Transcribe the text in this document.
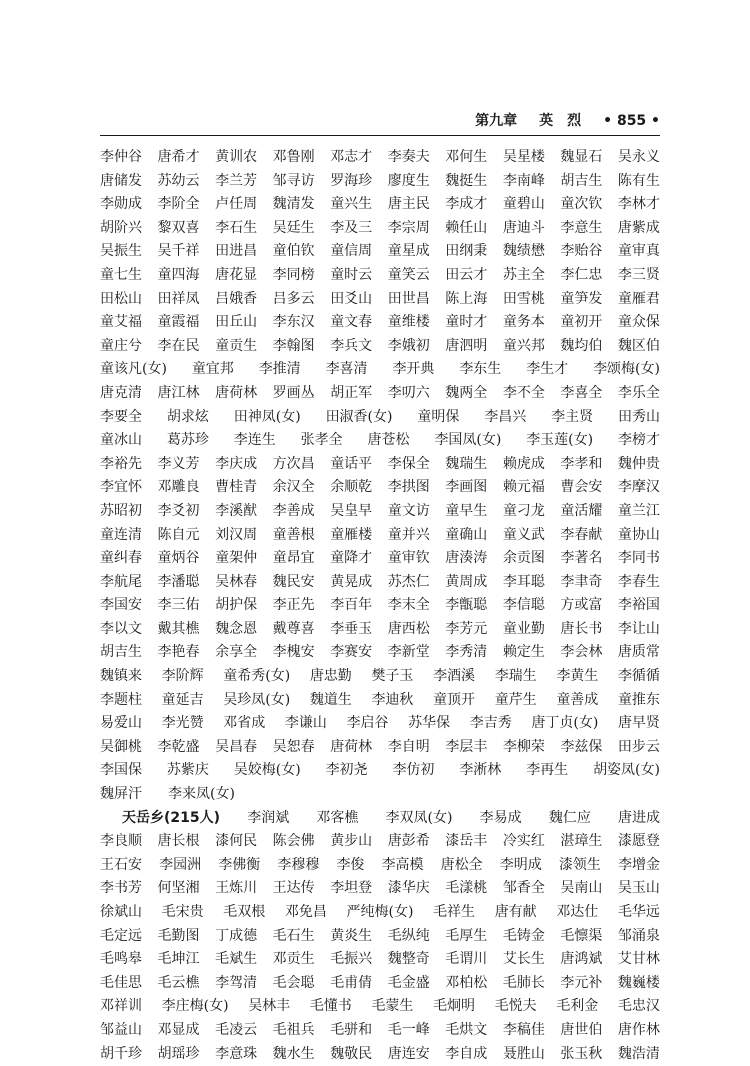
第九章 英　烈 • 855 •
李仲谷 唐希才 黄训农 邓鲁刚 邓志才 李奏夫 邓何生 吴星楼 魏显石 吴永义
唐储发 苏幼云 李兰芳 邹寻访 罗海珍 廖度生 魏挺生 李南峰 胡吉生 陈有生
李勋成 李阶全 卢任周 魏清发 童兴生 唐主民 李成才 童碧山 童次钦 李林才
胡阶兴 黎双喜 李石生 吴廷生 李及三 李宗周 赖任山 唐迪斗 李意生 唐紫成
吴振生 吴千祥 田进昌 童伯钦 童信周 童星成 田纲秉 魏绩懋 李贻谷 童审真
童七生 童四海 唐花显 李同榜 童时云 童笑云 田云才 苏主全 李仁忠 李三贤
田松山 田祥凤 吕娥香 吕多云 田爻山 田世昌 陈上海 田雪桃 童笋发 童雁君
童艾福 童霞福 田丘山 李东汉 童文春 童维楼 童时才 童务本 童初开 童众保
童庄兮 李在民 童贡生 李翰图 李兵文 李娥初 唐泗明 童兴邦 魏均伯 魏区伯
童该凡(女) 童宜邦 李推清 李喜清 李开典 李东生 李生才 李颂梅(女)
唐克清 唐江林 唐荷林 罗画丛 胡正军 李叨六 魏两全 李不全 李喜全 李乐全
李要全 胡求炫 田神凤(女) 田淑香(女) 童明保 李昌兴 李主贤 田秀山
童冰山 葛苏珍 李连生 张孝全 唐苍松 李国凤(女) 李玉莲(女) 李榜才
李裕先 李义芳 李庆成 方次昌 童话平 李保全 魏瑞生 赖虎成 李孝和 魏仲贵
李宜怀 邓雕良 曹桂青 余汉全 余顺乾 李拱图 李画图 赖元福 曹会安 李摩汉
苏昭初 李爻初 李溪猷 李善成 吴皇早 童文访 童早生 童刁龙 童活耀 童兰江
童连清 陈自元 刘汉周 童善根 童雁楼 童并兴 童确山 童义武 李春献 童协山
童纠春 童炳谷 童架仲 童昂宜 童降才 童审钦 唐湊涛 余贡图 李著名 李同书
李航尾 李潘聪 吴林春 魏民安 黄晃成 苏杰仁 黄周成 李耳聪 李聿奇 李春生
李国安 李三佑 胡护保 李正先 李百年 李末全 李甑聪 李信聪 方或富 李裕国
李以文 戴其樵 魏念恩 戴尊喜 李垂玉 唐西松 李芳元 童业勤 唐长书 李让山
胡吉生 李艳春 余享全 李槐安 李赛安 李新堂 李秀清 赖定生 李会林 唐质常
魏镇来 李阶辉 童希秀(女) 唐忠勤 樊子玉 李酒溪 李瑞生 李黄生 李循循
李题柱 童延吉 吴珍凤(女) 魏道生 李迪秋 童顶开 童芹生 童善成 童推东
易爱山 李光赞 邓省成 李谦山 李启谷 苏华保 李吉秀 唐丁贞(女) 唐早贤
吴御桃 李乾盛 吴昌春 吴恕春 唐荷林 李自明 李层丰 李柳荣 李兹保 田步云
李国保 苏紫庆 吴姣梅(女) 李初尧 李仿初 李淅林 李再生 胡姿凤(女)
魏屏汗 李来凤(女)
天岳乡(215人) 李润斌 邓客樵 李双凤(女) 李易成 魏仁应 唐进成
李良顺 唐长根 漆何民 陈会佛 黄步山 唐彭希 漆岳丰 冷实红 湛璋生 漆愿登
王石安 李园洲 李佛衡 李穆穆 李俊 李高模 唐松全 李明成 漆领生 李增金
李书芳 何坚湘 王炼川 王达传 李坦登 漆华庆 毛漾桃 邹香全 吴南山 吴玉山
徐斌山 毛宋贵 毛双根 邓免昌 严纯梅(女) 毛祥生 唐有献 邓达仕 毛华远
毛定远 毛勤图 丁成德 毛石生 黄炎生 毛纵纯 毛厚生 毛铸金 毛懔渠 邹涌泉
毛鸣皋 毛坤江 毛斌生 邓贡生 毛振兴 魏整奇 毛谓川 艾长生 唐鸿斌 艾甘林
毛佳思 毛云樵 李驾清 毛会聪 毛甫倩 毛金盛 邓柏松 毛肺长 李元补 魏巍楼
邓祥训 李庄梅(女) 吴林丰 毛懂书 毛蒙生 毛炯明 毛悦夫 毛利金 毛忠汉
邹益山 邓显成 毛凌云 毛祖兵 毛骈和 毛一峰 毛烘文 李稿佳 唐世伯 唐作林
胡千珍 胡瑶珍 李意珠 魏水生 魏敬民 唐连安 李自成 聂胜山 张玉秋 魏浩清
